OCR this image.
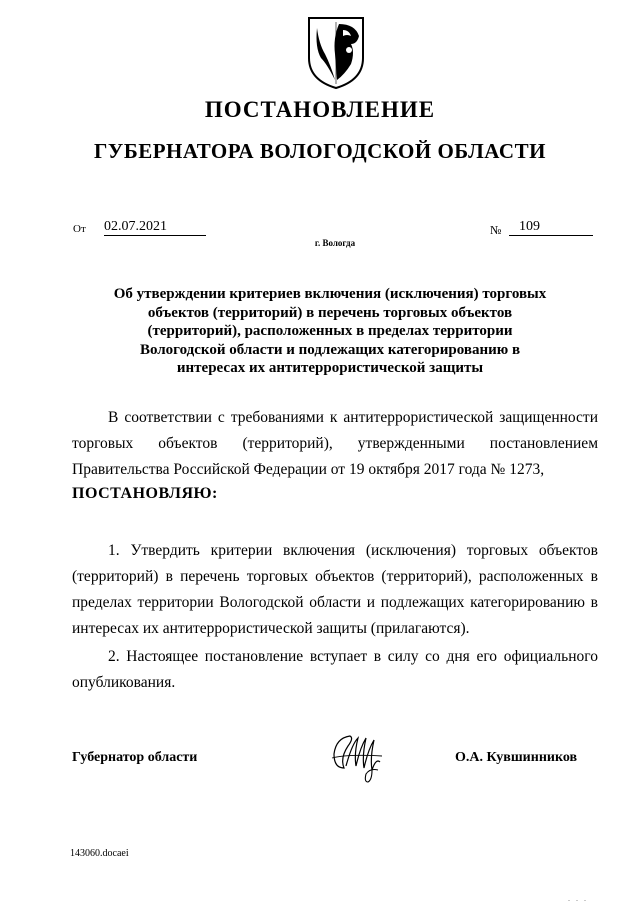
ПОСТАНОВЛЕНИЕ
ГУБЕРНАТОРА ВОЛОГОДСКОЙ ОБЛАСТИ
От 02.07.2021	№	109
г. Вологда
Об утверждении критериев включения (исключения) торговых объектов (территорий) в перечень торговых объектов (территорий), расположенных в пределах территории Вологодской области и подлежащих категорированию в интересах их антитеррористической защиты
В соответствии с требованиями к антитеррористической защищенности торговых объектов (территорий), утвержденными постановлением Правительства Российской Федерации от 19 октября 2017 года № 1273,
ПОСТАНОВЛЯЮ:
1. Утвердить критерии включения (исключения) торговых объектов (территорий) в перечень торговых объектов (территорий), расположенных в пределах территории Вологодской области и подлежащих категорированию в интересах их антитеррористической защиты (прилагаются).
2. Настоящее постановление вступает в силу со дня его официального опубликования.
Губернатор области	О.А. Кувшинников
143060.docaei
. . .
